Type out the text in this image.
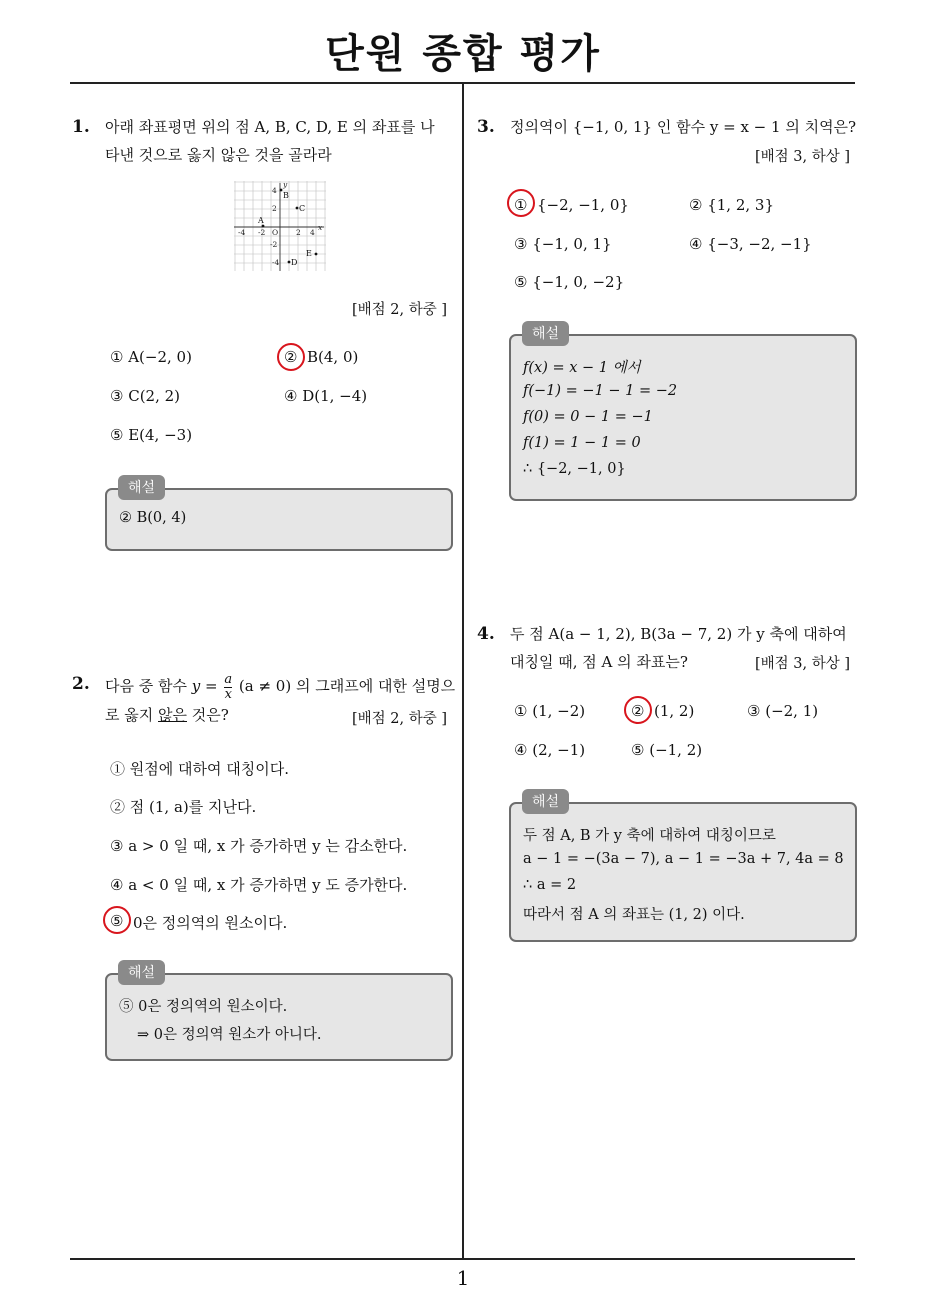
단원 종합 평가
1
1. 아래 좌표평면 위의 점 A, B, C, D, E 의 좌표를 나
타낸 것으로 옳지 않은 것을 골라라
4
2
-4 -2 O 2 4
-2
-4
y
x
B
C
A
E
D
[배점 2, 하중 ]
① A(−2, 0)	② B(4, 0)
③ C(2, 2)	④ D(1, −4)
⑤ E(4, −3)
② B(0, 4)
해설
2. 다음 중 함수 $y = \frac{a}{x} (a \ne 0)$ 의 그래프에 대한 설명으
로 옳지 않은 것은?	[배점 2, 하중 ]
① 원점에 대하여 대칭이다.
② 점 (1, a)를 지난다.
③ a > 0 일 때, x 가 증가하면 y 는 감소한다.
④ a < 0 일 때, x 가 증가하면 y 도 증가한다.
⑤ 0은 정의역의 원소이다.
⑤ 0은 정의역의 원소이다.
⇒ 0은 정의역 원소가 아니다.
해설
3. 정의역이 {−1, 0, 1} 인 함수 y = x − 1 의 치역은?
[배점 3, 하상 ]
① {−2, −1, 0}	② {1, 2, 3}
③ {−1, 0, 1}	④ {−3, −2, −1}
⑤ {−1, 0, −2}
f(x) = x − 1 에서
f(−1) = −1 − 1 = −2
f(0) = 0 − 1 = −1
f(1) = 1 − 1 = 0
∴ {−2, −1, 0}
해설
4. 두 점 A(a − 1, 2), B(3a − 7, 2) 가 y 축에 대하여
대칭일 때, 점 A 의 좌표는?	[배점 3, 하상 ]
① (1, −2)	② (1, 2)	③ (−2, 1)
④ (2, −1)	⑤ (−1, 2)
두 점 A, B 가 y 축에 대하여 대칭이므로
a − 1 = −(3a − 7), a − 1 = −3a + 7, 4a = 8
∴ a = 2
따라서 점 A 의 좌표는 (1, 2) 이다.
해설
